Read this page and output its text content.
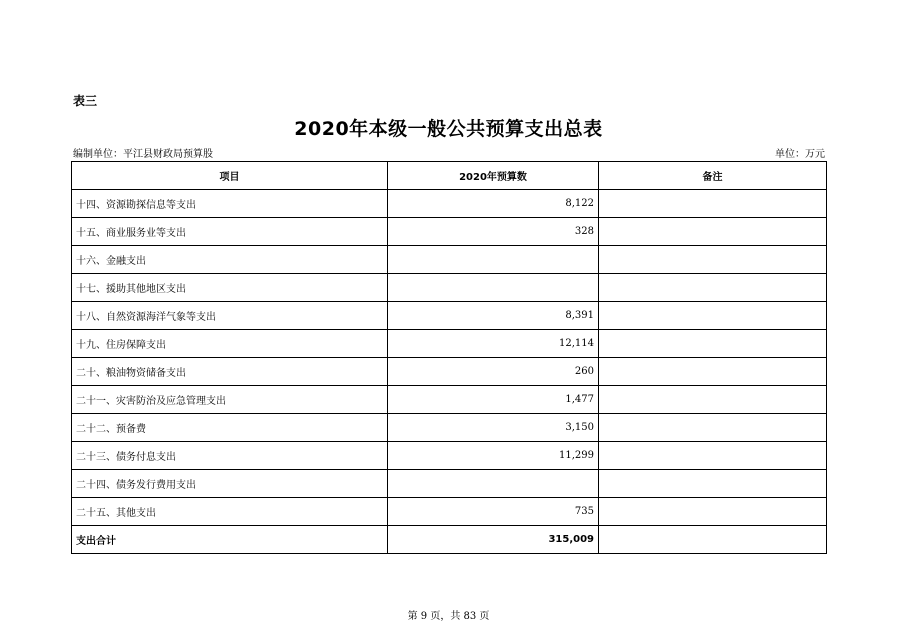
表三
2020年本级一般公共预算支出总表
编制单位：平江县财政局预算股	单位：万元
项目	2020年预算数	备注
十四、资源勘探信息等支出	8,122	
十五、商业服务业等支出	328	
十六、金融支出		
十七、援助其他地区支出		
十八、自然资源海洋气象等支出	8,391	
十九、住房保障支出	12,114	
二十、粮油物资储备支出	260	
二十一、灾害防治及应急管理支出	1,477	
二十二、预备费	3,150	
二十三、债务付息支出	11,299	
二十四、债务发行费用支出		
二十五、其他支出	735	
支出合计	315,009	
第 9 页，共 83 页
